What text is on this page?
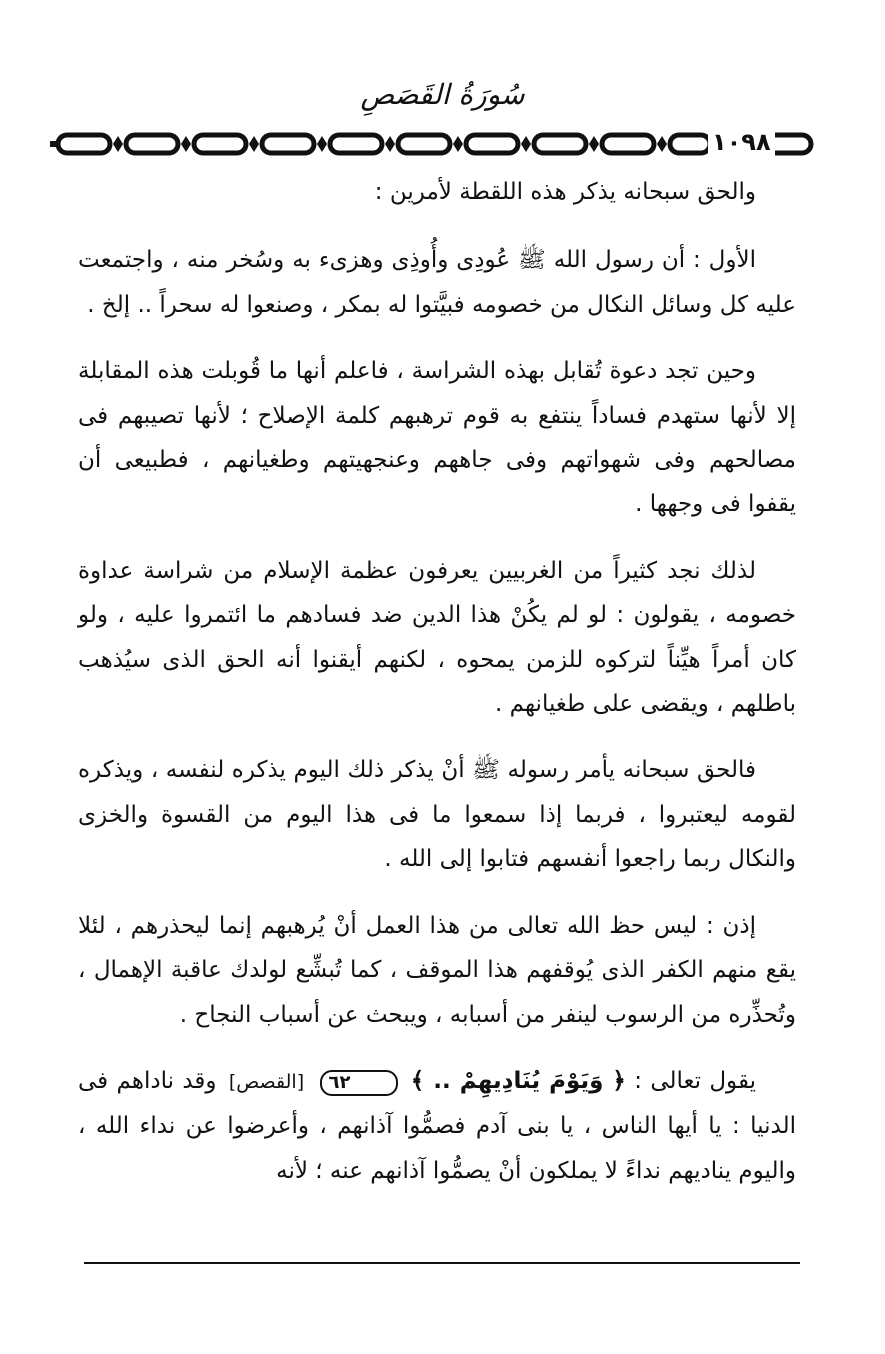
سُورَةُ القَصَصِ
١٠٩٨

والحق سبحانه يذكر هذه اللقطة لأمرين :

الأول : أن رسول الله ﷺ عُودِى وأُوذِى وهزىء به وسُخر منه ، واجتمعت عليه كل وسائل النكال من خصومه فبيَّتوا له بمكر ، وصنعوا له سحراً .. إلخ .

وحين تجد دعوة تُقابل بهذه الشراسة ، فاعلم أنها ما قُوبلت هذه المقابلة إلا لأنها ستهدم فساداً ينتفع به قوم ترهبهم كلمة الإصلاح ؛ لأنها تصيبهم فى مصالحهم وفى شهواتهم وفى جاههم وعنجهيتهم وطغيانهم ، فطبيعى أن يقفوا فى وجهها .

لذلك نجد كثيراً من الغربيين يعرفون عظمة الإسلام من شراسة عداوة خصومه ، يقولون : لو لم يكُنْ هذا الدين ضد فسادهم ما ائتمروا عليه ، ولو كان أمراً هيِّناً لتركوه للزمن يمحوه ، لكنهم أيقنوا أنه الحق الذى سيُذهب باطلهم ، ويقضى على طغيانهم .

فالحق سبحانه يأمر رسوله ﷺ أنْ يذكر ذلك اليوم يذكره لنفسه ، ويذكره لقومه ليعتبروا ، فربما إذا سمعوا ما فى هذا اليوم من القسوة والخزى والنكال ربما راجعوا أنفسهم فتابوا إلى الله .

إذن : ليس حظ الله تعالى من هذا العمل أنْ يُرهبهم إنما ليحذرهم ، لئلا يقع منهم الكفر الذى يُوقفهم هذا الموقف ، كما تُبشِّع لولدك عاقبة الإهمال ، وتُحذِّره من الرسوب لينفر من أسبابه ، ويبحث عن أسباب النجاح .

يقول تعالى : ﴿ وَيَوْمَ يُنَادِيهِمْ .. ﴾ ٦٢ [القصص] وقد ناداهم فى الدنيا : يا أيها الناس ، يا بنى آدم فصمُّوا آذانهم ، وأعرضوا عن نداء الله ، واليوم يناديهم نداءً لا يملكون أنْ يصمُّوا آذانهم عنه ؛ لأنه
